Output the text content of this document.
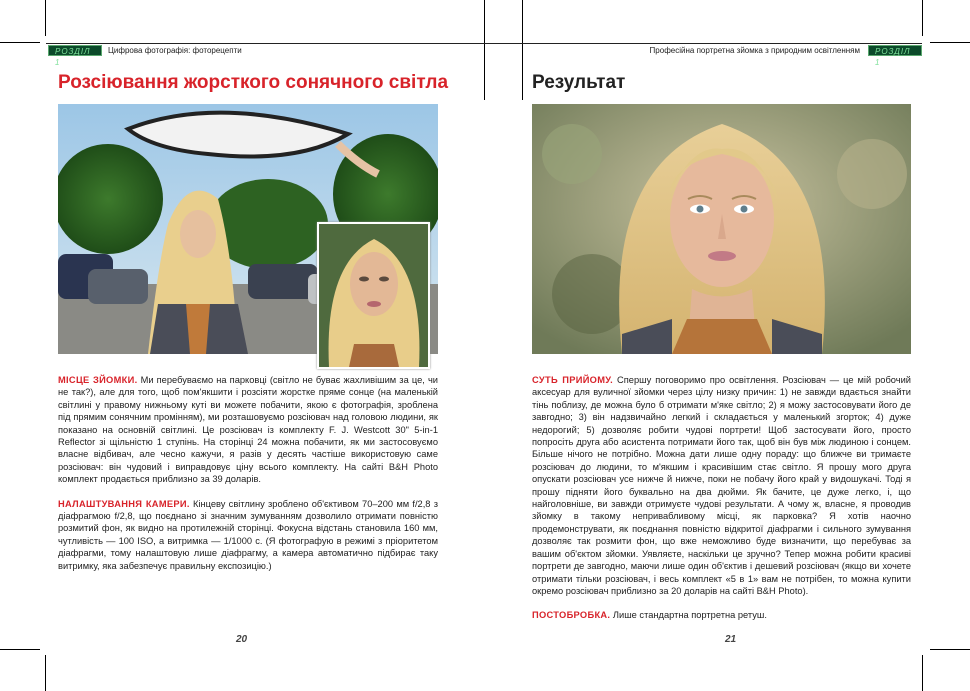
РОЗДІЛ 1
Цифрова фотографія: фоторецепти
Розсіювання жорсткого сонячного світла

МІСЦЕ ЗЙОМКИ. Ми перебуваємо на парковці (світло не буває жахливішим за це, чи не так?), але для того, щоб пом'якшити і розсіяти жорстке пряме сонце (на маленькій світлині у правому нижньому куті ви можете побачити, якою є фотографія, зроблена під прямим сонячним промінням), ми розташовуємо розсіювач над головою людини, як показано на основній світлині. Це розсіювач із комплекту F. J. Westcott 30" 5-in-1 Reflector зі щільністю 1 ступінь. На сторінці 24 можна побачити, як ми застосовуємо власне відбивач, але чесно кажучи, я разів у десять частіше використовую саме розсіювач: він чудовий і виправдовує ціну всього комплекту. На сайті B&H Photo комплект продається приблизно за 39 доларів.

НАЛАШТУВАННЯ КАМЕРИ. Кінцеву світлину зроблено об'єктивом 70–200 мм f/2,8 з діафрагмою f/2,8, що поєднано зі значним зумуванням дозволило отримати повністю розмитий фон, як видно на протилежній сторінці. Фокусна відстань становила 160 мм, чутливість — 100 ISO, а витримка — 1/1000 с. (Я фотографую в режимі з пріоритетом діафрагми, тому налаштовую лише діафрагму, а камера автоматично підбирає таку витримку, яка забезпечує правильну експозицію.)

20
Професійна портретна зйомка з природним освітленням	РОЗДІЛ 1
Результат

СУТЬ ПРИЙОМУ. Спершу поговоримо про освітлення. Розсіювач — це мій робочий аксесуар для вуличної зйомки через цілу низку причин: 1) не завжди вдається знайти тінь поблизу, де можна було б отримати м'яке світло; 2) я можу застосовувати його де завгодно; 3) він надзвичайно легкий і складається у маленький згорток; 4) дуже недорогий; 5) дозволяє робити чудові портрети! Щоб застосувати його, просто попросіть друга або асистента потримати його так, щоб він був між людиною і сонцем. Більше нічого не потрібно. Можна дати лише одну пораду: що ближче ви тримаєте розсіювач до людини, то м'якшим і красивішим стає світло. Я прошу мого друга опускати розсіювач усе нижче й нижче, поки не побачу його край у видошукачі. Тоді я прошу підняти його буквально на два дюйми. Як бачите, це дуже легко, і, що найголовніше, ви завжди отримуєте чудові результати. А чому ж, власне, я проводив зйомку в такому непривабливому місці, як парковка? Я хотів наочно продемонструвати, як поєднання повністю відкритої діафрагми і сильного зумування дозволяє так розмити фон, що вже неможливо буде визначити, що перебуває за вашим об'єктом зйомки. Уявляєте, наскільки це зручно? Тепер можна робити красиві портрети де завгодно, маючи лише один об'єктив і дешевий розсіювач (якщо ви хочете отримати тільки розсіювач, і весь комплект «5 в 1» вам не потрібен, то можна купити окремо розсіювач приблизно за 20 доларів на сайті B&H Photo).

ПОСТОБРОБКА. Лише стандартна портретна ретуш.

21
